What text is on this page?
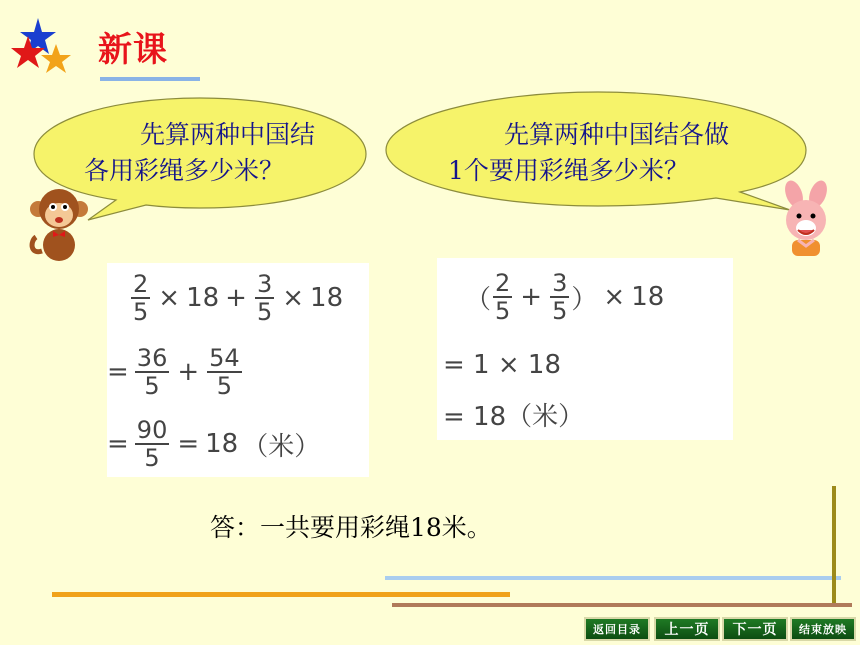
新课
先算两种中国结
各用彩绳多少米？
先算两种中国结各做
1个要用彩绳多少米？
$\frac{2}{5} \times 18 + \frac{3}{5} \times 18$
= $\frac{36}{5} + \frac{54}{5}$
= $\frac{90}{5} = 18$ （米）
（ $\frac{2}{5} + \frac{3}{5}$ ） × 18
= 1 × 18
= 18（米）
答：一共要用彩绳18米。
返回目录	上一页	下一页	结束放映
